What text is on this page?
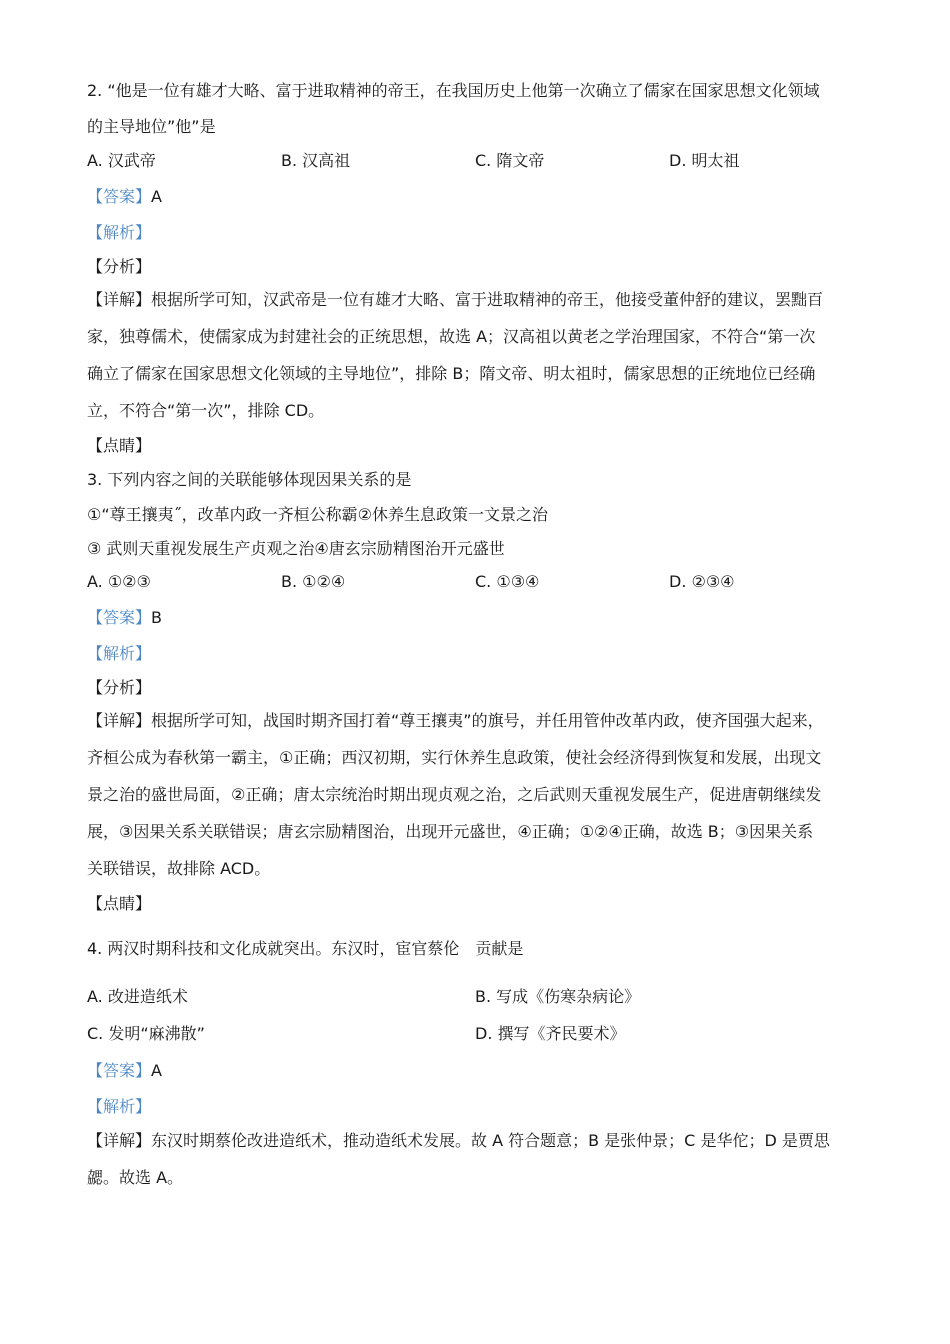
2. “他是一位有雄才大略、富于进取精神的帝王，在我国历史上他第一次确立了儒家在国家思想文化领域
的主导地位”他”是
A. 汉武帝	B. 汉高祖	C. 隋文帝	D. 明太祖
【答案】A
【解析】
【分析】
【详解】根据所学可知，汉武帝是一位有雄才大略、富于进取精神的帝王，他接受董仲舒的建议，罢黜百
家，独尊儒术，使儒家成为封建社会的正统思想，故选 A；汉高祖以黄老之学治理国家，不符合“第一次
确立了儒家在国家思想文化领域的主导地位”，排除 B；隋文帝、明太祖时，儒家思想的正统地位已经确
立，不符合“第一次”，排除 CD。
【点睛】
3. 下列内容之间的关联能够体现因果关系的是
①“尊王攘夷˝，改革内政一齐桓公称霸②休养生息政策一文景之治
③ 武则天重视发展生产贞观之治④唐玄宗励精图治开元盛世
A. ①②③	B. ①②④	C. ①③④	D. ②③④
【答案】B
【解析】
【分析】
【详解】根据所学可知，战国时期齐国打着“尊王攘夷”的旗号，并任用管仲改革内政，使齐国强大起来，
齐桓公成为春秋第一霸主，①正确；西汉初期，实行休养生息政策，使社会经济得到恢复和发展，出现文
景之治的盛世局面，②正确；唐太宗统治时期出现贞观之治，之后武则天重视发展生产，促进唐朝继续发
展，③因果关系关联错误；唐玄宗励精图治，出现开元盛世，④正确；①②④正确，故选 B；③因果关系
关联错误，故排除 ACD。
【点睛】
4. 两汉时期科技和文化成就突出。东汉时，宦官蔡伦　贡献是
A. 改进造纸术	B. 写成《伤寒杂病论》
C. 发明“麻沸散”	D. 撰写《齐民要术》
【答案】A
【解析】
【详解】东汉时期蔡伦改进造纸术，推动造纸术发展。故 A 符合题意；B 是张仲景；C 是华佗；D 是贾思
勰。故选 A。
